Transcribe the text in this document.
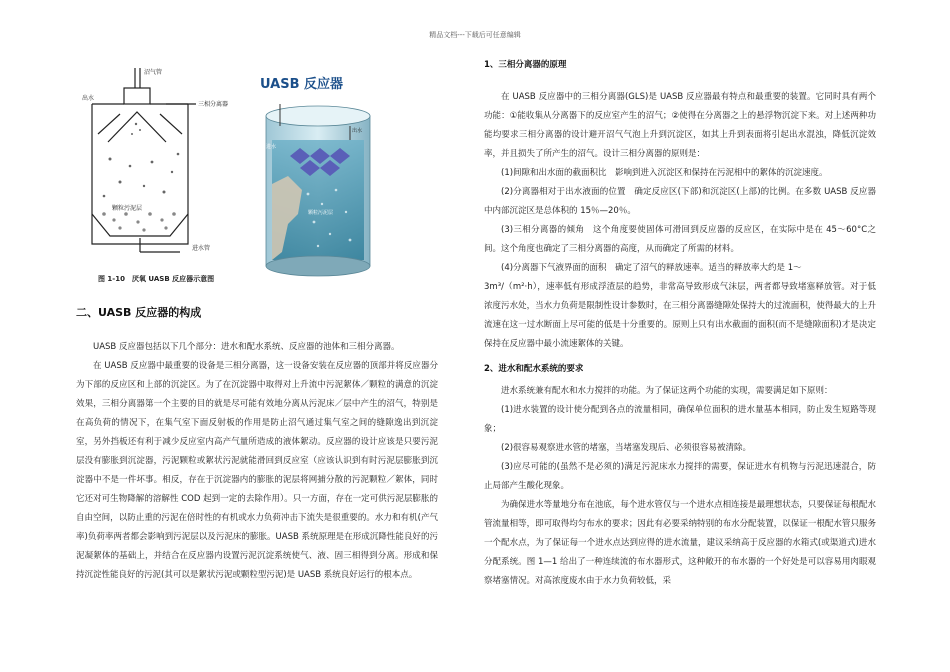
精品文档---下载后可任意编辑
沼气管
三相分离器
颗粒污泥层
进水管
出水
图 1-10　厌氧 UASB 反应器示意图
UASB 反应器
沼气
出水
进水
颗粒污泥层
二、UASB 反应器的构成

UASB 反应器包括以下几个部分：进水和配水系统、反应器的池体和三相分离器。

在 UASB 反应器中最重要的设备是三相分离器，这一设备安装在反应器的顶部并将反应器分为下部的反应区和上部的沉淀区。为了在沉淀器中取得对上升流中污泥絮体／颗粒的满意的沉淀效果，三相分离器第一个主要的目的就是尽可能有效地分离从污泥床／层中产生的沼气，特别是在高负荷的情况下，在集气室下面反射板的作用是防止沼气通过集气室之间的缝隙逸出到沉淀室，另外挡板还有利于减少反应室内高产气量所造成的液体絮动。反应器的设计应该是只要污泥层没有膨胀到沉淀器，污泥颗粒或絮状污泥就能滑回到反应室（应该认识到有时污泥层膨胀到沉淀器中不是一件坏事。相反，存在于沉淀器内的膨胀的泥层将网捕分散的污泥颗粒／絮体，同时它还对可生物降解的溶解性 COD 起到一定的去除作用）。只一方面，存在一定可供污泥层膨胀的自由空间，以防止重的污泥在倍时性的有机或水力负荷冲击下流失是很重要的。水力和有机(产气率)负荷率两者都会影响到污泥层以及污泥床的膨胀。UASB 系统原理是在形成沉降性能良好的污泥凝絮体的基础上，并结合在反应器内设置污泥沉淀系统使气、液、固三相得到分离。形成和保持沉淀性能良好的污泥(其可以是絮状污泥或颗粒型污泥)是 UASB 系统良好运行的根本点。

1、三相分离器的原理

在 UASB 反应器中的三相分离器(GLS)是 UASB 反应器最有特点和最重要的装置。它同时具有两个功能：①能收集从分离器下的反应室产生的沼气；②使得在分离器之上的悬浮物沉淀下来。对上述两种功能均要求三相分离器的设计避开沼气气泡上升到沉淀区，如其上升到表面将引起出水混浊，降低沉淀效率，并且损失了所产生的沼气。设计三相分离器的原则是：

(1)间隙和出水面的截面积比　影响到进入沉淀区和保持在污泥相中的絮体的沉淀速度。

(2)分离器相对于出水液面的位置　确定反应区(下部)和沉淀区(上部)的比例。在多数 UASB 反应器中内部沉淀区是总体积的 15％—20％。

(3)三相分离器的倾角　这个角度要使固体可滑回到反应器的反应区，在实际中是在 45～60°C之间。这个角度也确定了三相分离器的高度，从而确定了所需的材料。

(4)分离器下气液界面的面积　确定了沼气的释放速率。适当的释放率大约是 1～

3m³/（m²·h），速率低有形成浮渣层的趋势，非常高导致形成气沫层，两者都导致堵塞释放管。对于低浓度污水处，当水力负荷是限制性设计参数时，在三相分离器缝隙处保持大的过流面积，使得最大的上升流速在这一过水断面上尽可能的低是十分重要的。原则上只有出水截面的面积(而不是缝隙面积)才是决定保持在反应器中最小流速絮体的关键。

2、进水和配水系统的要求

进水系统兼有配水和水力搅拌的功能。为了保证这两个功能的实现，需要满足如下原则：

(1)进水装置的设计使分配到各点的流量相同，确保单位面积的进水量基本相同，防止发生短路等现象；

(2)很容易观察进水管的堵塞，当堵塞发现后、必须很容易被清除。

(3)应尽可能的(虽然不是必须的)满足污泥床水力搅拌的需要，保证进水有机物与污泥迅速混合，防止局部产生酸化现象。

为确保进水等量地分布在池底，每个进水管仅与一个进水点相连接是最理想状态，只要保证每根配水管流量相等，即可取得均匀布水的要求；因此有必要采纳特别的布水分配装置，以保证一根配水管只服务一个配水点，为了保证每一个进水点达到应得的进水流量，建议采纳高于反应器的水箱式(或渠道式)进水分配系统。图 1—1 给出了一种连续流的布水器形式，这种敞开的布水器的一个好处是可以容易用肉眼观察堵塞情况。对高浓度废水由于水力负荷较低，采
